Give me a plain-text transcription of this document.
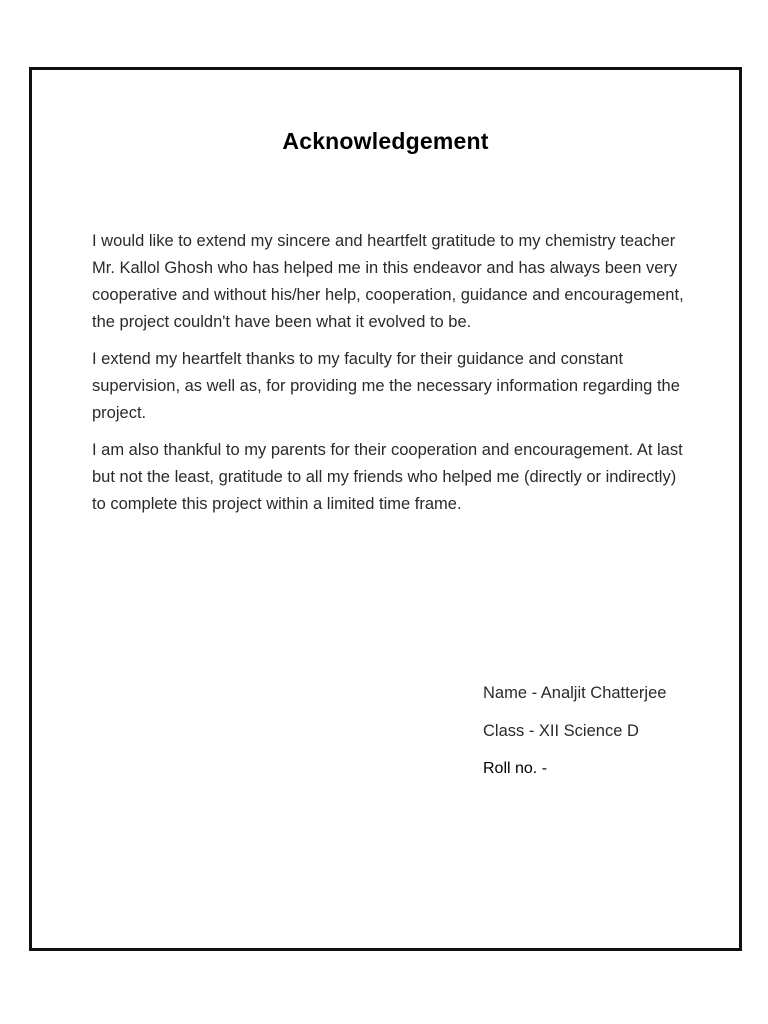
Acknowledgement

I would like to extend my sincere and heartfelt gratitude to my chemistry teacher Mr. Kallol Ghosh who has helped me in this endeavor and has always been very cooperative and without his/her help, cooperation, guidance and encouragement, the project couldn't have been what it evolved to be.

I extend my heartfelt thanks to my faculty for their guidance and constant supervision, as well as, for providing me the necessary information regarding the project.

I am also thankful to my parents for their cooperation and encouragement. At last but not the least, gratitude to all my friends who helped me (directly or indirectly) to complete this project within a limited time frame.

Name - Analjit Chatterjee
Class - XII Science D
Roll no. -
